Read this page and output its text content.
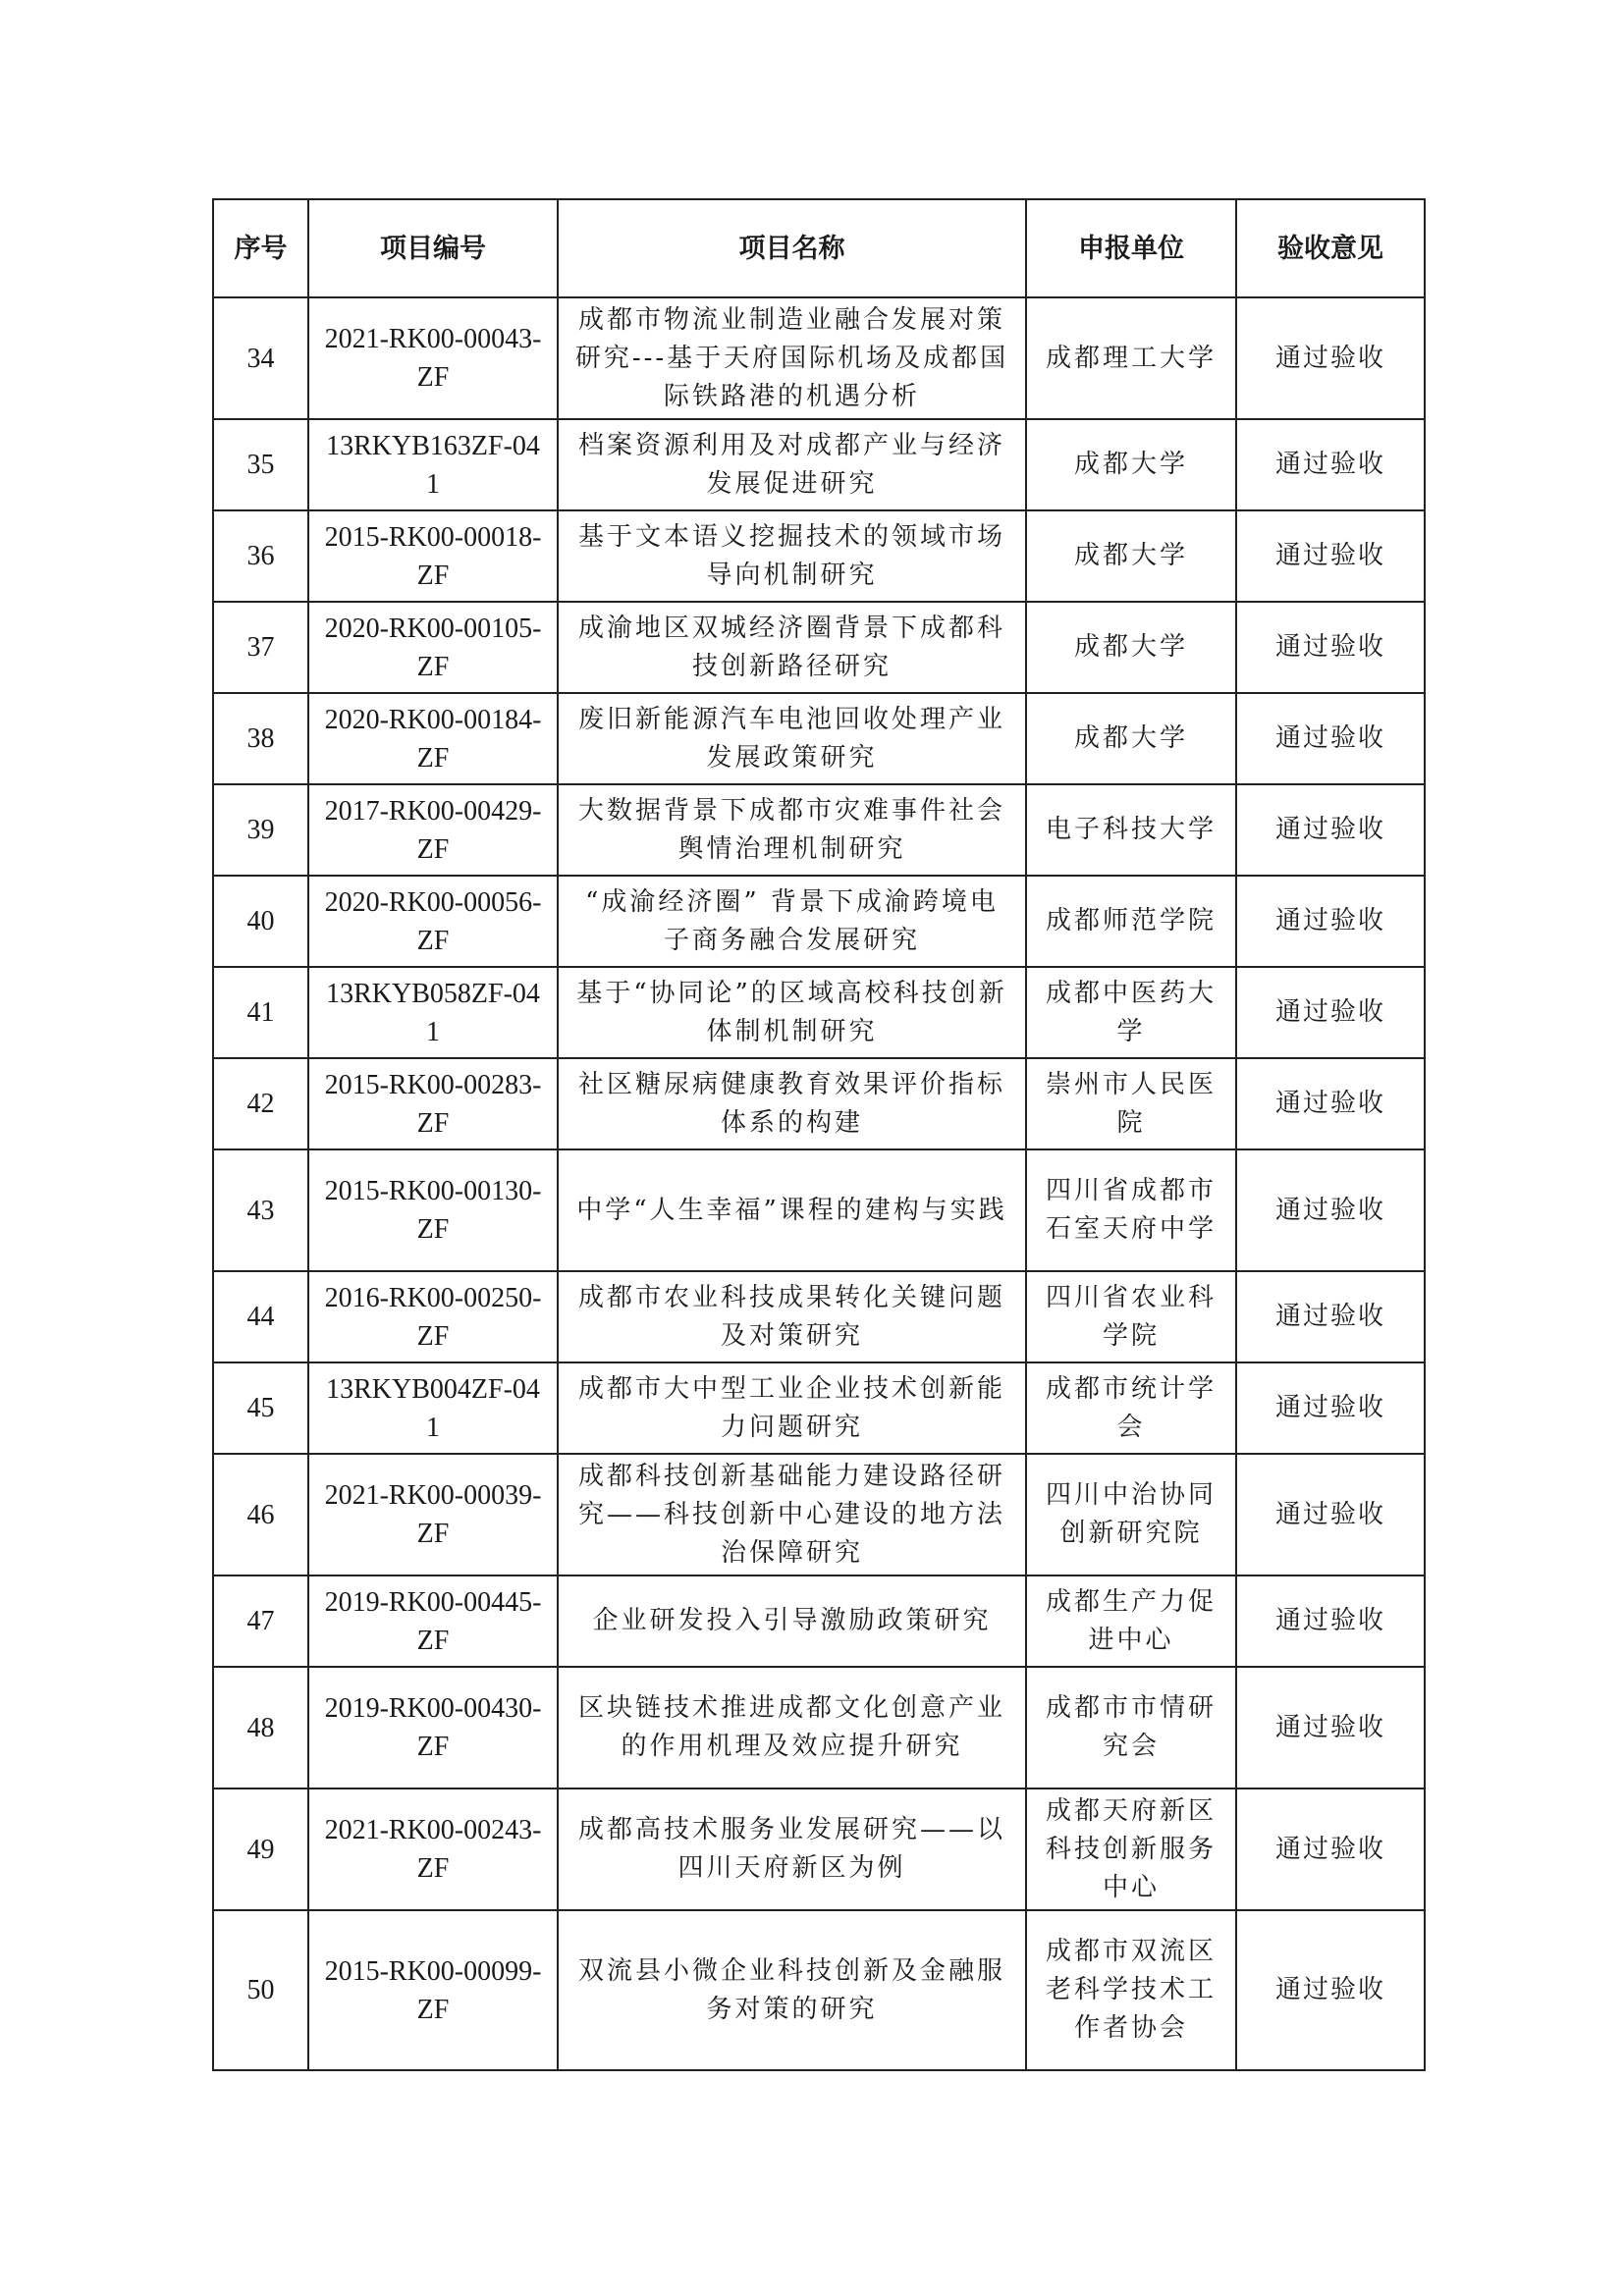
序号	项目编号	项目名称	申报单位	验收意见
34	2021-RK00-00043-ZF	成都市物流业制造业融合发展对策研究---基于天府国际机场及成都国际铁路港的机遇分析	成都理工大学	通过验收
35	13RKYB163ZF-041	档案资源利用及对成都产业与经济发展促进研究	成都大学	通过验收
36	2015-RK00-00018-ZF	基于文本语义挖掘技术的领域市场导向机制研究	成都大学	通过验收
37	2020-RK00-00105-ZF	成渝地区双城经济圈背景下成都科技创新路径研究	成都大学	通过验收
38	2020-RK00-00184-ZF	废旧新能源汽车电池回收处理产业发展政策研究	成都大学	通过验收
39	2017-RK00-00429-ZF	大数据背景下成都市灾难事件社会舆情治理机制研究	电子科技大学	通过验收
40	2020-RK00-00056-ZF	“成渝经济圈” 背景下成渝跨境电子商务融合发展研究	成都师范学院	通过验收
41	13RKYB058ZF-041	基于“协同论”的区域高校科技创新体制机制研究	成都中医药大学	通过验收
42	2015-RK00-00283-ZF	社区糖尿病健康教育效果评价指标体系的构建	崇州市人民医院	通过验收
43	2015-RK00-00130-ZF	中学“人生幸福”课程的建构与实践	四川省成都市石室天府中学	通过验收
44	2016-RK00-00250-ZF	成都市农业科技成果转化关键问题及对策研究	四川省农业科学院	通过验收
45	13RKYB004ZF-041	成都市大中型工业企业技术创新能力问题研究	成都市统计学会	通过验收
46	2021-RK00-00039-ZF	成都科技创新基础能力建设路径研究——科技创新中心建设的地方法治保障研究	四川中治协同创新研究院	通过验收
47	2019-RK00-00445-ZF	企业研发投入引导激励政策研究	成都生产力促进中心	通过验收
48	2019-RK00-00430-ZF	区块链技术推进成都文化创意产业的作用机理及效应提升研究	成都市市情研究会	通过验收
49	2021-RK00-00243-ZF	成都高技术服务业发展研究——以四川天府新区为例	成都天府新区科技创新服务中心	通过验收
50	2015-RK00-00099-ZF	双流县小微企业科技创新及金融服务对策的研究	成都市双流区老科学技术工作者协会	通过验收
